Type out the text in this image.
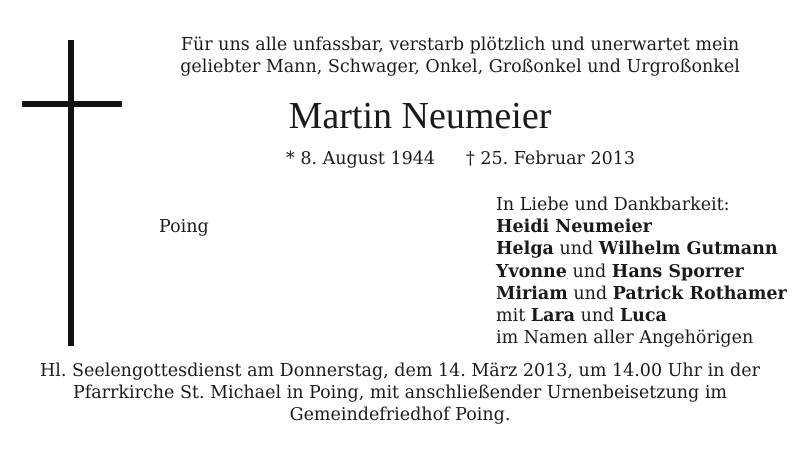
Für uns alle unfassbar, verstarb plötzlich und unerwartet mein
geliebter Mann, Schwager, Onkel, Großonkel und Urgroßonkel
Martin Neumeier
* 8. August 1944 † 25. Februar 2013
Poing
In Liebe und Dankbarkeit:
Heidi Neumeier
Helga und Wilhelm Gutmann
Yvonne und Hans Sporrer
Miriam und Patrick Rothamer
mit Lara und Luca
im Namen aller Angehörigen
Hl. Seelengottesdienst am Donnerstag, dem 14. März 2013, um 14.00 Uhr in der
Pfarrkirche St. Michael in Poing, mit anschließender Urnenbeisetzung im
Gemeindefriedhof Poing.
